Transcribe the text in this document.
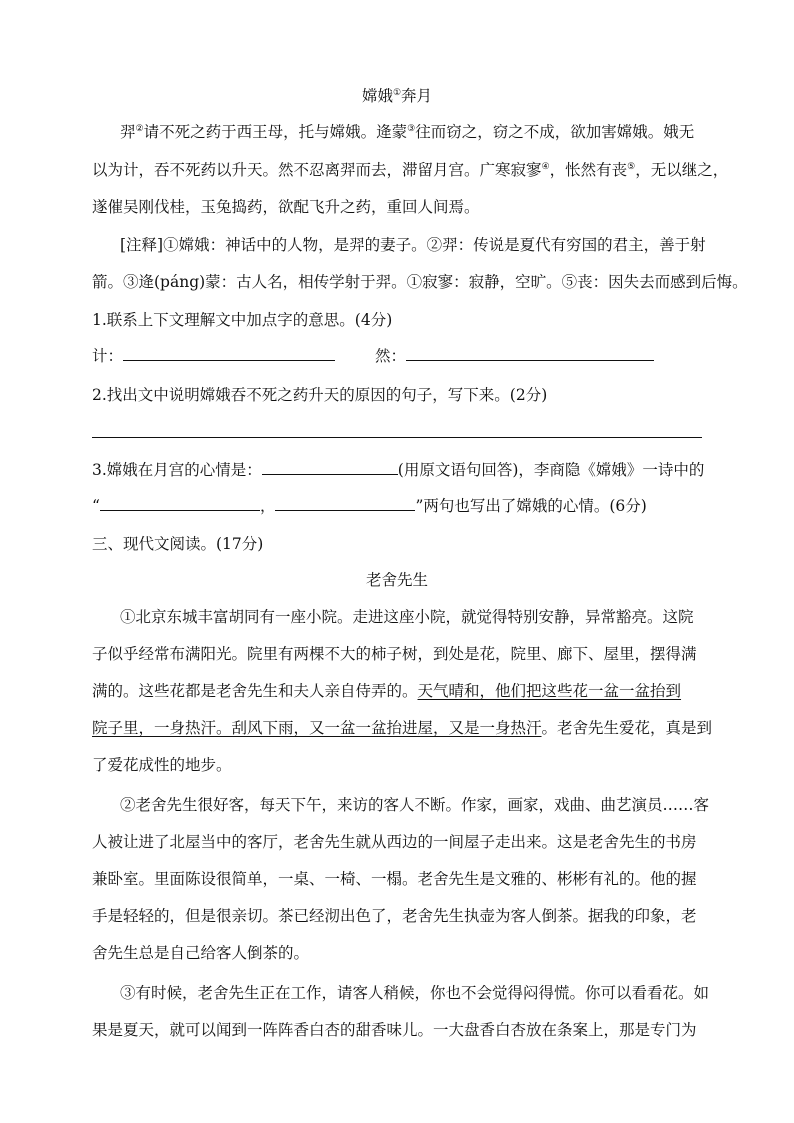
嫦娥①奔月
羿②请不死之药于西王母，托与嫦娥。逄蒙③往而窃之，窃之不成，欲加害嫦娥。娥无
以为计，吞不死药以升天。然不忍离羿而去，滞留月宫。广寒寂寥④，怅然有丧⑤，无以继之，
遂催吴刚伐桂，玉兔捣药，欲配飞升之药，重回人间焉。
[注释]①嫦娥：神话中的人物，是羿的妻子。②羿：传说是夏代有穷国的君主，善于射
箭。③逄(páng)蒙：古人名，相传学射于羿。①寂寥：寂静，空旷。⑤丧：因失去而感到后悔。
1.联系上下文理解文中加点字的意思。(4分)
计：	然：
2.找出文中说明嫦娥吞不死之药升天的原因的句子，写下来。(2分)
3.嫦娥在月宫的心情是：	(用原文语句回答)，李商隐《嫦娥》一诗中的
“	，	”两句也写出了嫦娥的心情。(6分)
三、现代文阅读。(17分)
老舍先生
①北京东城丰富胡同有一座小院。走进这座小院，就觉得特别安静，异常豁亮。这院
子似乎经常布满阳光。院里有两棵不大的柿子树，到处是花，院里、廊下、屋里，摆得满
满的。这些花都是老舍先生和夫人亲自侍弄的。天气晴和，他们把这些花一盆一盆抬到
院子里，一身热汗。刮风下雨，又一盆一盆抬进屋，又是一身热汗。老舍先生爱花，真是到
了爱花成性的地步。
②老舍先生很好客，每天下午，来访的客人不断。作家，画家，戏曲、曲艺演员……客
人被让进了北屋当中的客厅，老舍先生就从西边的一间屋子走出来。这是老舍先生的书房
兼卧室。里面陈设很简单，一桌、一椅、一榻。老舍先生是文雅的、彬彬有礼的。他的握
手是轻轻的，但是很亲切。茶已经沏出色了，老舍先生执壶为客人倒茶。据我的印象，老
舍先生总是自己给客人倒茶的。
③有时候，老舍先生正在工作，请客人稍候，你也不会觉得闷得慌。你可以看看花。如
果是夏天，就可以闻到一阵阵香白杏的甜香味儿。一大盘香白杏放在条案上，那是专门为
